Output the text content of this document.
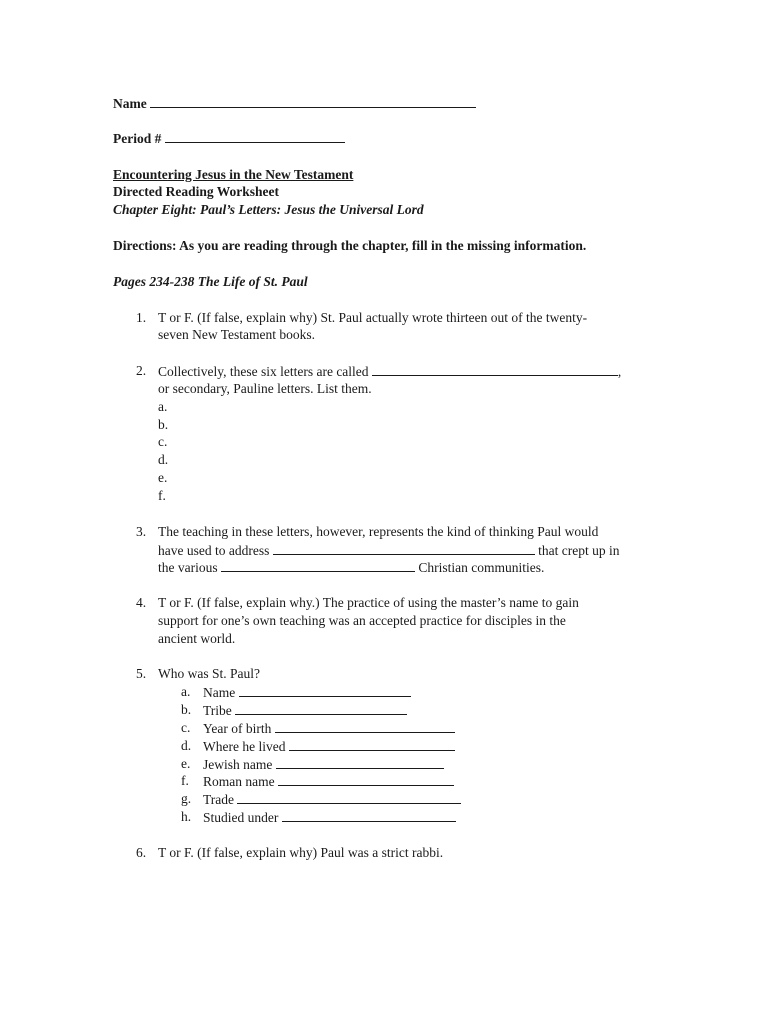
Name
Period #
Encountering Jesus in the New Testament
Directed Reading Worksheet
Chapter Eight: Paul’s Letters: Jesus the Universal Lord
Directions: As you are reading through the chapter, fill in the missing information.
Pages 234-238 The Life of St. Paul
1. T or F. (If false, explain why) St. Paul actually wrote thirteen out of the twenty-
seven New Testament books.
2. Collectively, these six letters are called	,
or secondary, Pauline letters. List them.
a.
b.
c.
d.
e.
f.
3. The teaching in these letters, however, represents the kind of thinking Paul would
have used to address	that crept up in
the various	Christian communities.
4. T or F. (If false, explain why.) The practice of using the master’s name to gain
support for one’s own teaching was an accepted practice for disciples in the
ancient world.
5. Who was St. Paul?
a. Name
b. Tribe
c. Year of birth
d. Where he lived
e. Jewish name
f. Roman name
g. Trade
h. Studied under
6. T or F. (If false, explain why) Paul was a strict rabbi.
